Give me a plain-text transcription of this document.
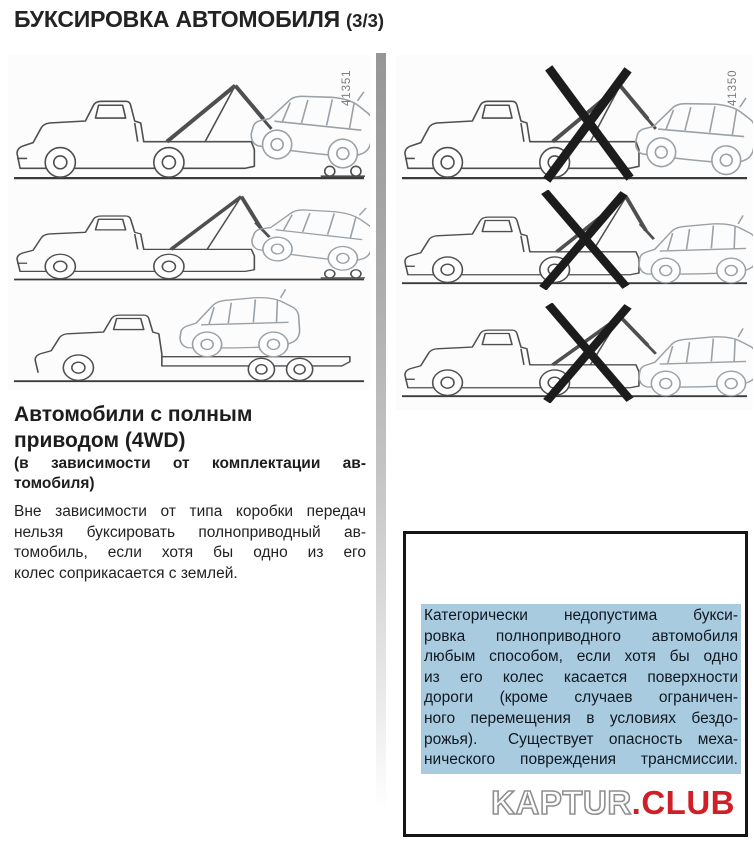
БУКСИРОВКА АВТОМОБИЛЯ (3/3)
41351	41350
Автомобили с полным
приводом (4WD)
(в зависимости от комплектации ав-
томобиля)
Вне зависимости от типа коробки передач
нельзя буксировать полноприводный ав-
томобиль, если хотя бы одно из его
колес соприкасается с землей.
Категорически недопустима букси-
ровка полноприводного автомобиля
любым способом, если хотя бы одно
из его колес касается поверхности
дороги (кроме случаев ограничен-
ного перемещения в условиях бездо-
рожья).  Существует опасность меха-
нического повреждения трансмиссии.
KAPTUR.CLUB
